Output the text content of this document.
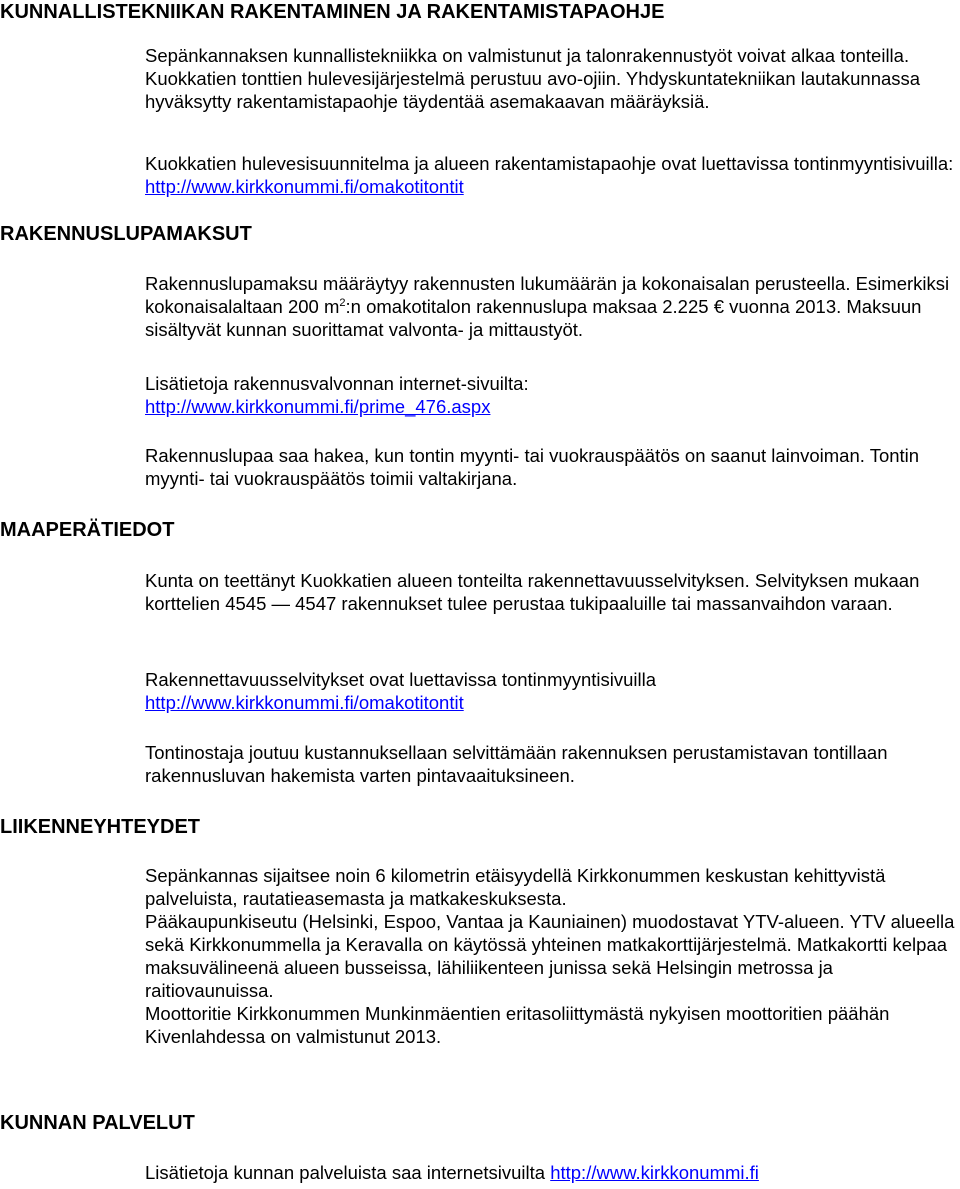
KUNNALLISTEKNIIKAN RAKENTAMINEN JA RAKENTAMISTAPAOHJE

Sepänkannaksen kunnallistekniikka on valmistunut ja talonrakennustyöt voivat alkaa tonteilla. Kuokkatien tonttien hulevesijärjestelmä perustuu avo-ojiin. Yhdyskuntatekniikan lautakunnassa hyväksytty rakentamistapaohje täydentää asemakaavan määräyksiä.

Kuokkatien hulevesisuunnitelma ja alueen rakentamistapaohje ovat luettavissa tontinmyyntisivuilla: http://www.kirkkonummi.fi/omakotitontit

RAKENNUSLUPAMAKSUT

Rakennuslupamaksu määräytyy rakennusten lukumäärän ja kokonaisalan perusteella. Esimerkiksi kokonaisalaltaan 200 $m^2:n$ omakotitalon rakennuslupa maksaa 2.225 € vuonna 2013. Maksuun sisältyvät kunnan suorittamat valvonta- ja mittaustyöt.

Lisätietoja rakennusvalvonnan internet-sivuilta:
http://www.kirkkonummi.fi/prime_476.aspx

Rakennuslupaa saa hakea, kun tontin myynti- tai vuokrauspäätös on saanut lainvoiman. Tontin myynti- tai vuokrauspäätös toimii valtakirjana.

MAAPERÄTIEDOT

Kunta on teettänyt Kuokkatien alueen tonteilta rakennettavuusselvityksen. Selvityksen mukaan korttelien 4545 — 4547 rakennukset tulee perustaa tukipaaluille tai massanvaihdon varaan.

Rakennettavuusselvitykset ovat luettavissa tontinmyyntisivuilla
http://www.kirkkonummi.fi/omakotitontit

Tontinostaja joutuu kustannuksellaan selvittämään rakennuksen perustamistavan tontillaan rakennusluvan hakemista varten pintavaaituksineen.

LIIKENNEYHTEYDET

Sepänkannas sijaitsee noin 6 kilometrin etäisyydellä Kirkkonummen keskustan kehittyvistä palveluista, rautatieasemasta ja matkakeskuksesta.
Pääkaupunkiseutu (Helsinki, Espoo, Vantaa ja Kauniainen) muodostavat YTV-alueen. YTV alueella sekä Kirkkonummella ja Keravalla on käytössä yhteinen matkakorttijärjestelmä. Matkakortti kelpaa maksuvälineenä alueen busseissa, lähiliikenteen junissa sekä Helsingin metrossa ja raitiovaunuissa.
Moottoritie Kirkkonummen Munkinmäentien eritasoliittymästä nykyisen moottoritien päähän Kivenlahdessa on valmistunut 2013.

KUNNAN PALVELUT

Lisätietoja kunnan palveluista saa internetsivuilta http://www.kirkkonummi.fi
